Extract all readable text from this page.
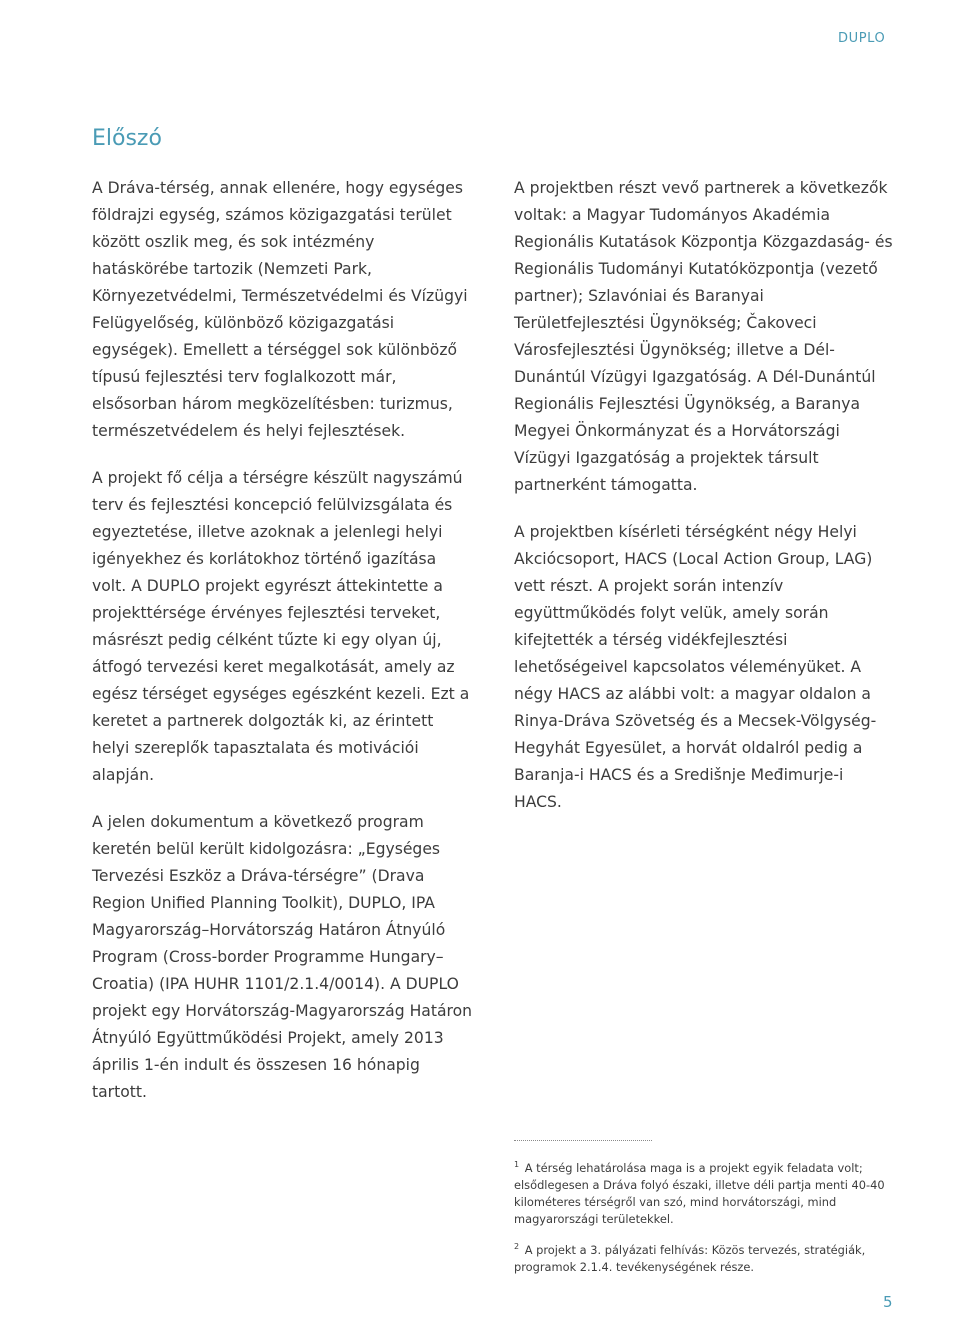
DUPLO
Előszó

A Dráva-térség, annak ellenére, hogy egységes földrajzi egység, számos közigazgatási terület között oszlik meg, és sok intézmény hatáskörébe tartozik (Nemzeti Park, Környezetvédelmi, Természetvédelmi és Vízügyi Felügyelőség, különböző közigazgatási egységek). Emellett a térséggel sok különböző típusú fejlesztési terv foglalkozott már, elsősorban három megközelítésben: turizmus, természetvédelem és helyi fejlesztések.

A projekt fő célja a térségre készült nagyszámú terv és fejlesztési koncepció felülvizsgálata és egyeztetése, illetve azoknak a jelenlegi helyi igényekhez és korlátokhoz történő igazítása volt. A DUPLO projekt egyrészt áttekintette a projekttérsége érvényes fejlesztési terveket, másrészt pedig célként tűzte ki egy olyan új, átfogó tervezési keret megalkotását, amely az egész térséget egységes egészként kezeli. Ezt a keretet a partnerek dolgozták ki, az érintett helyi szereplők tapasztalata és motivációi alapján.

A jelen dokumentum a következő program keretén belül került kidolgozásra: „Egységes Tervezési Eszköz a Dráva-térségre” (Drava Region Unified Planning Toolkit), DUPLO, IPA Magyarország–Horvátország Határon Átnyúló Program (Cross-border Programme Hungary–Croatia) (IPA HUHR 1101/2.1.4/0014). A DUPLO projekt egy Horvátország-Magyarország Határon Átnyúló Együttműködési Projekt, amely 2013 április 1-én indult és összesen 16 hónapig tartott.

A projektben részt vevő partnerek a következők voltak: a Magyar Tudományos Akadémia Regionális Kutatások Központja Közgazdaság- és Regionális Tudományi Kutatóközpontja (vezető partner); Szlavóniai és Baranyai Területfejlesztési Ügynökség; Čakoveci Városfejlesztési Ügynökség; illetve a Dél-Dunántúl Vízügyi Igazgatóság. A Dél-Dunántúl Regionális Fejlesztési Ügynökség, a Baranya Megyei Önkormányzat és a Horvátországi Vízügyi Igazgatóság a projektek társult partnerként támogatta.

A projektben kísérleti térségként négy Helyi Akciócsoport, HACS (Local Action Group, LAG) vett részt. A projekt során intenzív együttműködés folyt velük, amely során kifejtették a térség vidékfejlesztési lehetőségeivel kapcsolatos véleményüket. A négy HACS az alábbi volt: a magyar oldalon a Rinya-Dráva Szövetség és a Mecsek-Völgység-Hegyhát Egyesület, a horvát oldalról pedig a Baranja-i HACS és a Središnje Međimurje-i HACS.

$^1$ A térség lehatárolása maga is a projekt egyik feladata volt; elsődlegesen a Dráva folyó északi, illetve déli partja menti 40-40 kilométeres térségről van szó, mind horvátországi, mind magyarországi területekkel.
$^2$ A projekt a 3. pályázati felhívás: Közös tervezés, stratégiák, programok 2.1.4. tevékenységének része.
5
